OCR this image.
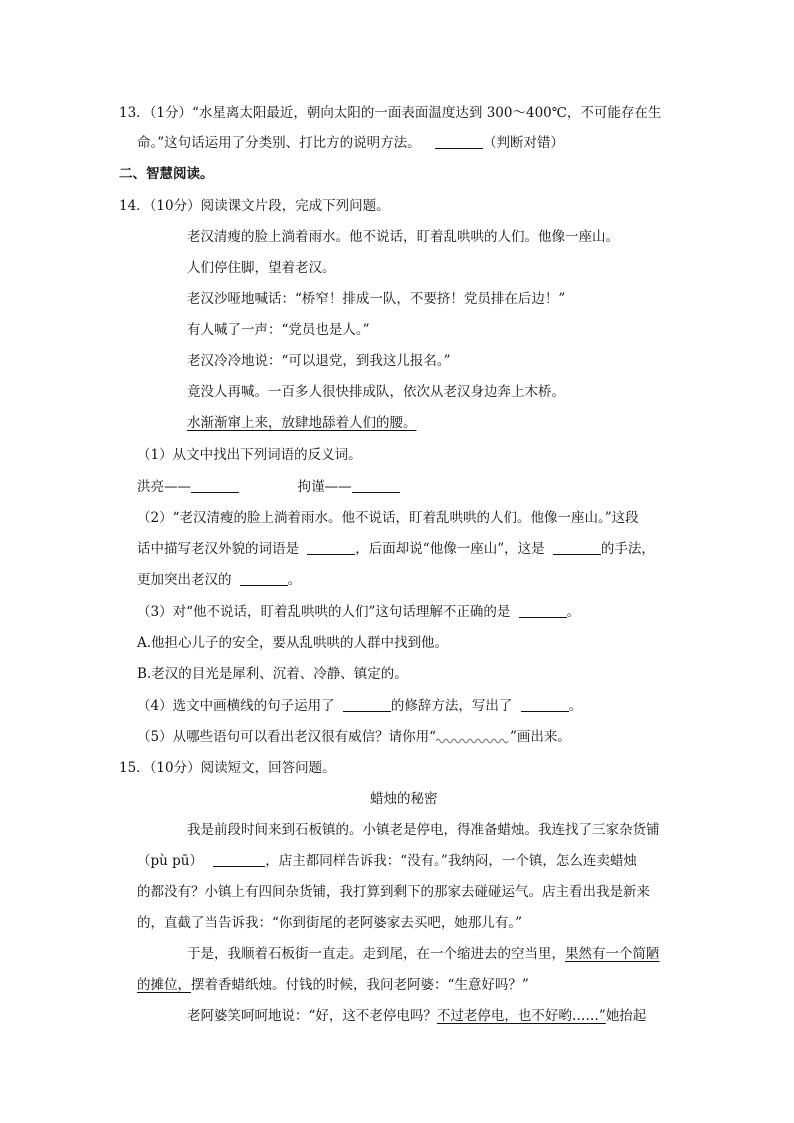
13．（1分）“水星离太阳最近，朝向太阳的一面表面温度达到 300～400℃，不可能存在生
命。”这句话运用了分类别、打比方的说明方法。	（判断对错）
二、智慧阅读。
14．（10分）阅读课文片段，完成下列问题。
老汉清瘦的脸上淌着雨水。他不说话，盯着乱哄哄的人们。他像一座山。
人们停住脚，望着老汉。
老汉沙哑地喊话：“桥窄！排成一队，不要挤！党员排在后边！”
有人喊了一声：“党员也是人。”
老汉冷冷地说：“可以退党，到我这儿报名。”
竟没人再喊。一百多人很快排成队，依次从老汉身边奔上木桥。
水渐渐窜上来，放肆地舔着人们的腰。
（1）从文中找出下列词语的反义词。
洪亮——	拘谨——
（2）“老汉清瘦的脸上淌着雨水。他不说话，盯着乱哄哄的人们。他像一座山。”这段
话中描写老汉外貌的词语是	，后面却说“他像一座山”，这是	的手法，
更加突出老汉的	。
（3）对“他不说话，盯着乱哄哄的人们”这句话理解不正确的是	。
A.他担心儿子的安全，要从乱哄哄的人群中找到他。
B.老汉的目光是犀利、沉着、冷静、镇定的。
（4）选文中画横线的句子运用了	的修辞方法，写出了	。
（5）从哪些语句可以看出老汉很有威信？请你用“	”画出来。
15．（10分）阅读短文，回答问题。
蜡烛的秘密
我是前段时间来到石板镇的。小镇老是停电，得准备蜡烛。我连找了三家杂货铺
（pù pū）	，店主都同样告诉我：“没有。”我纳闷，一个镇，怎么连卖蜡烛
的都没有？小镇上有四间杂货铺，我打算到剩下的那家去碰碰运气。店主看出我是新来
的，直截了当告诉我：“你到街尾的老阿婆家去买吧，她那儿有。”
于是，我顺着石板街一直走。走到尾，在一个缩进去的空当里，果然有一个简陋
的摊位，摆着香蜡纸烛。付钱的时候，我问老阿婆：“生意好吗？”
老阿婆笑呵呵地说：“好，这不老停电吗？不过老停电，也不好哟……”她抬起
